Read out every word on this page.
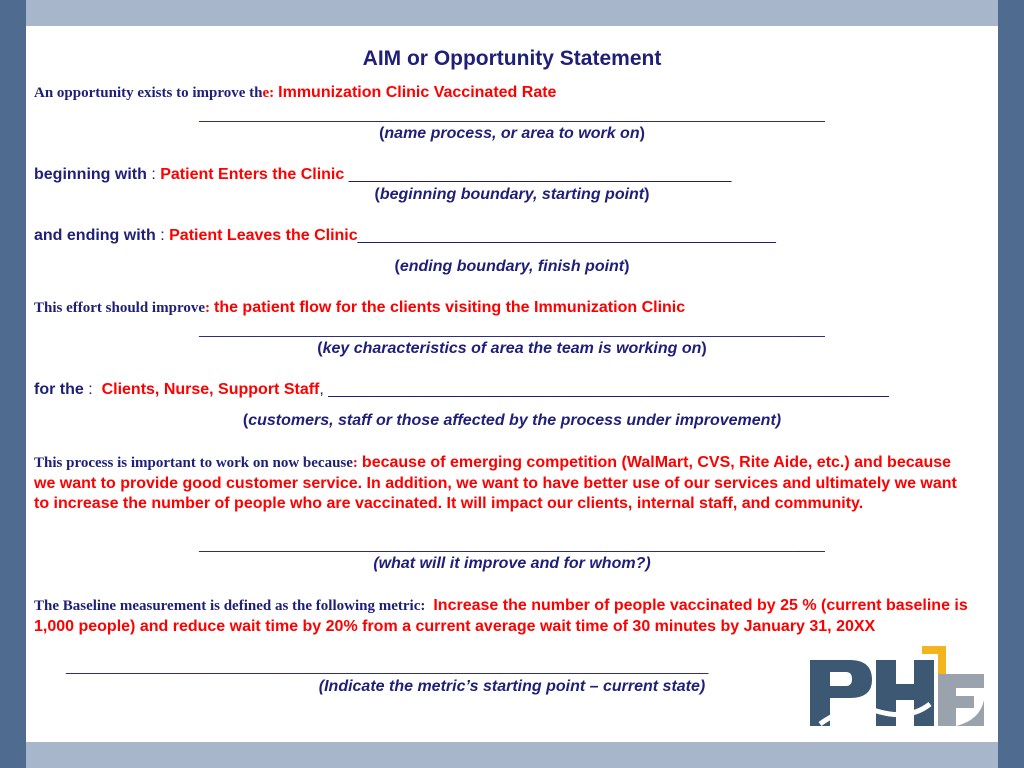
AIM or Opportunity Statement
An opportunity exists to improve the: Immunization Clinic Vaccinated Rate
___________________________________________________________________________
(name process, or area to work on)
beginning with : Patient Enters the Clinic ___________________________________________
(beginning boundary, starting point)
and ending with : Patient Leaves the Clinic_______________________________________________
(ending boundary, finish point)
This effort should improve: the patient flow for the clients visiting the Immunization Clinic
___________________________________________________________________________
(key characteristics of area the team is working on)
for the : Clients, Nurse, Support Staff, _______________________________________________________________
(customers, staff or those affected by the process under improvement)
This process is important to work on now because: because of emerging competition (WalMart, CVS, Rite Aide, etc.) and because we want to provide good customer service. In addition, we want to have better use of our services and ultimately we want to increase the number of people who are vaccinated. It will impact our clients, internal staff, and community.
___________________________________________________________________________
(what will it improve and for whom?)
The Baseline measurement is defined as the following metric: Increase the number of people vaccinated by 25 % (current baseline is 1,000 people) and reduce wait time by 20% from a current average wait time of 30 minutes by January 31, 20XX
_____________________________________________________________________________
(Indicate the metric’s starting point – current state)
